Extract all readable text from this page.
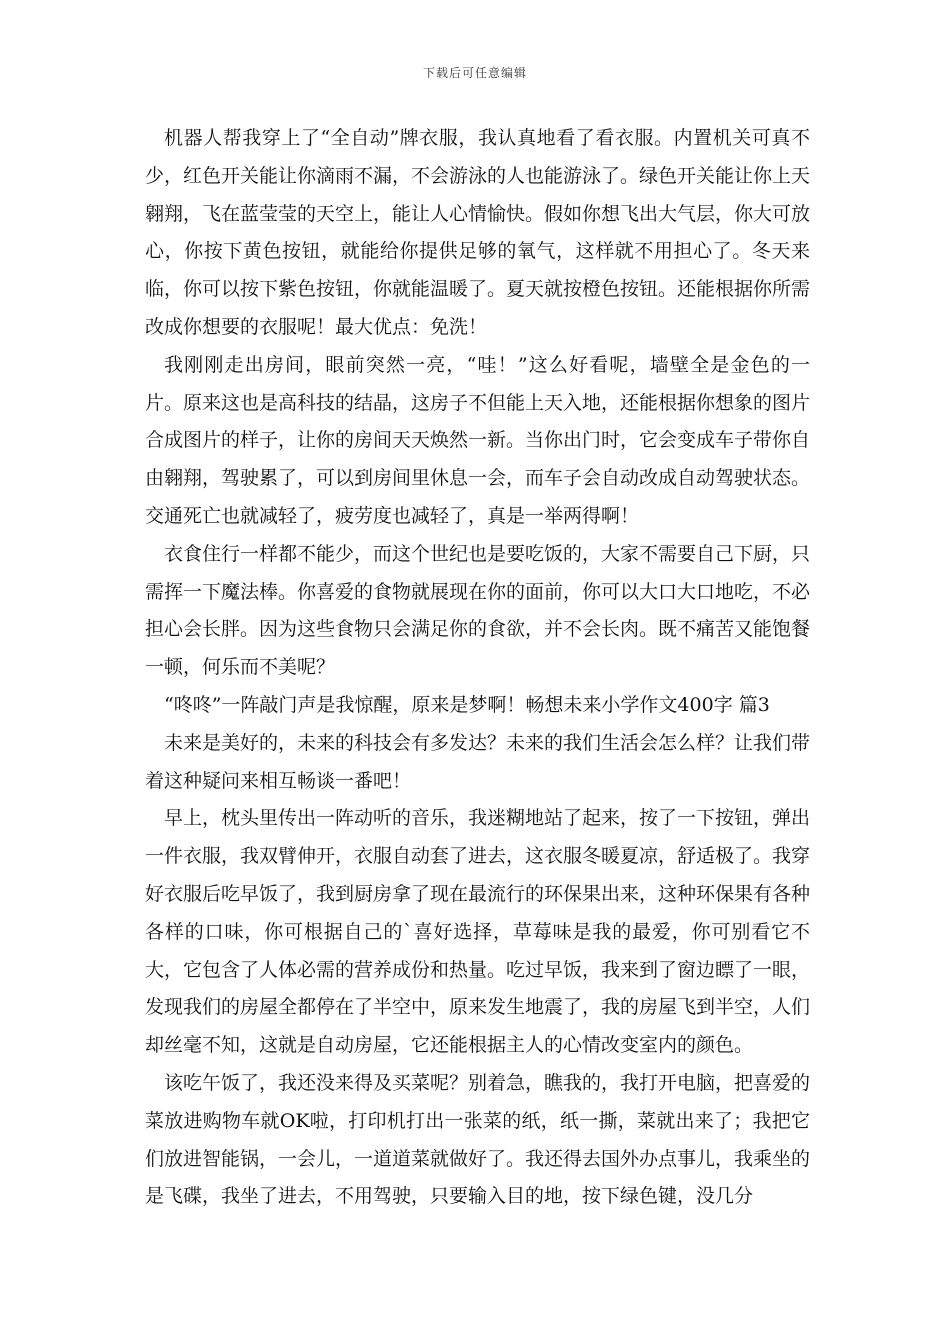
下载后可任意编辑

机器人帮我穿上了“全自动”牌衣服，我认真地看了看衣服。内置机关可真不少，红色开关能让你滴雨不漏，不会游泳的人也能游泳了。绿色开关能让你上天翱翔，飞在蓝莹莹的天空上，能让人心情愉快。假如你想飞出大气层，你大可放心，你按下黄色按钮，就能给你提供足够的氧气，这样就不用担心了。冬天来临，你可以按下紫色按钮，你就能温暖了。夏天就按橙色按钮。还能根据你所需改成你想要的衣服呢！最大优点：免洗！

我刚刚走出房间，眼前突然一亮，“哇！”这么好看呢，墙壁全是金色的一片。原来这也是高科技的结晶，这房子不但能上天入地，还能根据你想象的图片合成图片的样子，让你的房间天天焕然一新。当你出门时，它会变成车子带你自由翱翔，驾驶累了，可以到房间里休息一会，而车子会自动改成自动驾驶状态。交通死亡也就减轻了，疲劳度也减轻了，真是一举两得啊！

衣食住行一样都不能少，而这个世纪也是要吃饭的，大家不需要自己下厨，只需挥一下魔法棒。你喜爱的食物就展现在你的面前，你可以大口大口地吃，不必担心会长胖。因为这些食物只会满足你的食欲，并不会长肉。既不痛苦又能饱餐一顿，何乐而不美呢？

“咚咚”一阵敲门声是我惊醒，原来是梦啊！畅想未来小学作文400字 篇3

未来是美好的，未来的科技会有多发达？未来的我们生活会怎么样？让我们带着这种疑问来相互畅谈一番吧！

早上，枕头里传出一阵动听的音乐，我迷糊地站了起来，按了一下按钮，弹出一件衣服，我双臂伸开，衣服自动套了进去，这衣服冬暖夏凉，舒适极了。我穿好衣服后吃早饭了，我到厨房拿了现在最流行的环保果出来，这种环保果有各种各样的口味，你可根据自己的`喜好选择，草莓味是我的最爱，你可别看它不大，它包含了人体必需的营养成份和热量。吃过早饭，我来到了窗边瞟了一眼，发现我们的房屋全都停在了半空中，原来发生地震了，我的房屋飞到半空，人们却丝毫不知，这就是自动房屋，它还能根据主人的心情改变室内的颜色。

该吃午饭了，我还没来得及买菜呢？别着急，瞧我的，我打开电脑，把喜爱的菜放进购物车就OK啦，打印机打出一张菜的纸，纸一撕，菜就出来了；我把它们放进智能锅，一会儿，一道道菜就做好了。我还得去国外办点事儿，我乘坐的是飞碟，我坐了进去，不用驾驶，只要输入目的地，按下绿色键，没几分
